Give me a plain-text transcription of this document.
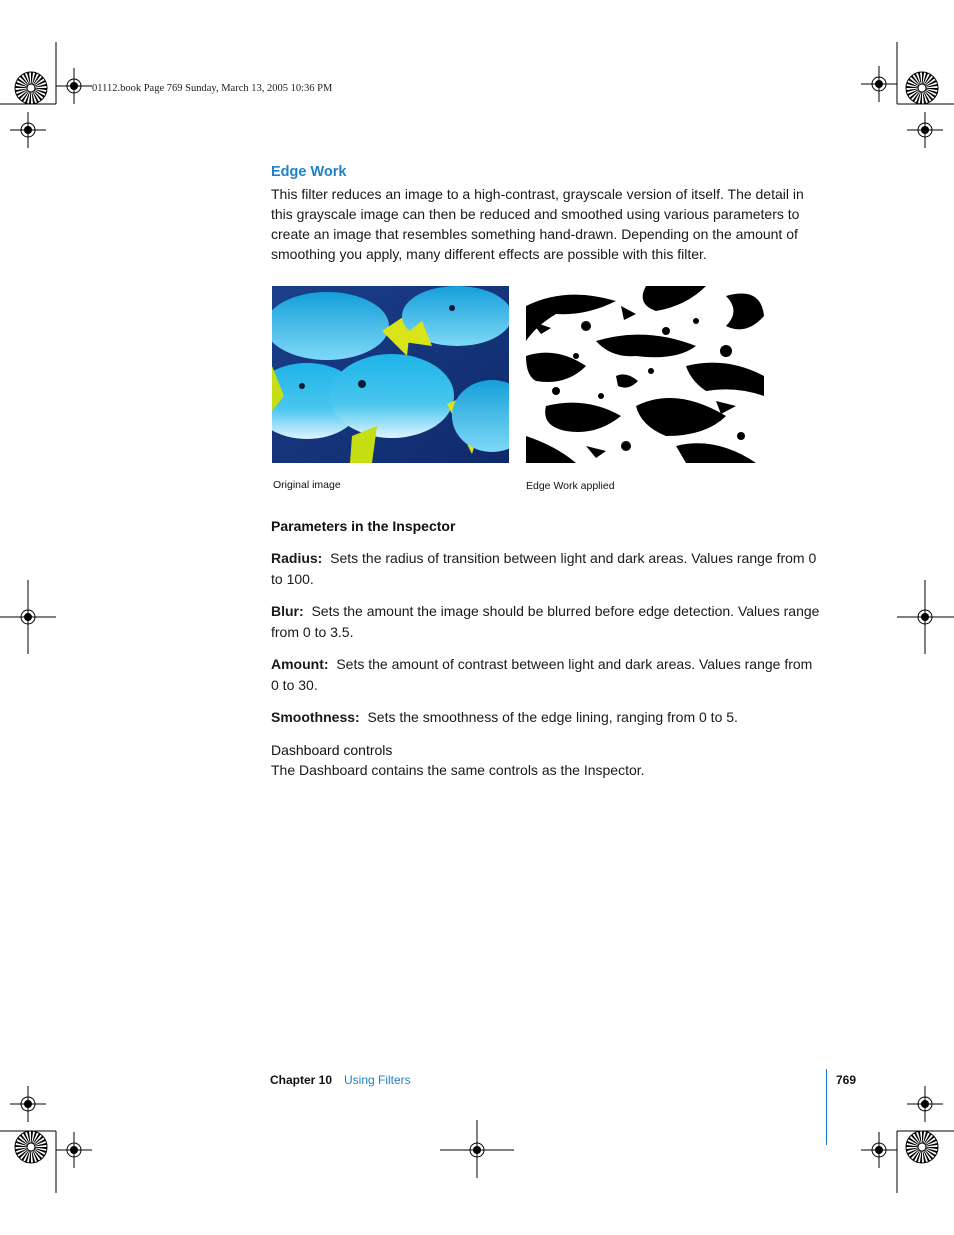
01112.book Page 769 Sunday, March 13, 2005 10:36 PM
Edge Work
This filter reduces an image to a high-contrast, grayscale version of itself. The detail in this grayscale image can then be reduced and smoothed using various parameters to create an image that resembles something hand-drawn. Depending on the amount of smoothing you apply, many different effects are possible with this filter.
Original image	Edge Work applied
Parameters in the Inspector
Radius: Sets the radius of transition between light and dark areas. Values range from 0 to 100.
Blur: Sets the amount the image should be blurred before edge detection. Values range from 0 to 3.5.
Amount: Sets the amount of contrast between light and dark areas. Values range from 0 to 30.
Smoothness: Sets the smoothness of the edge lining, ranging from 0 to 5.
Dashboard controls
The Dashboard contains the same controls as the Inspector.
Chapter 10 Using Filters	769
